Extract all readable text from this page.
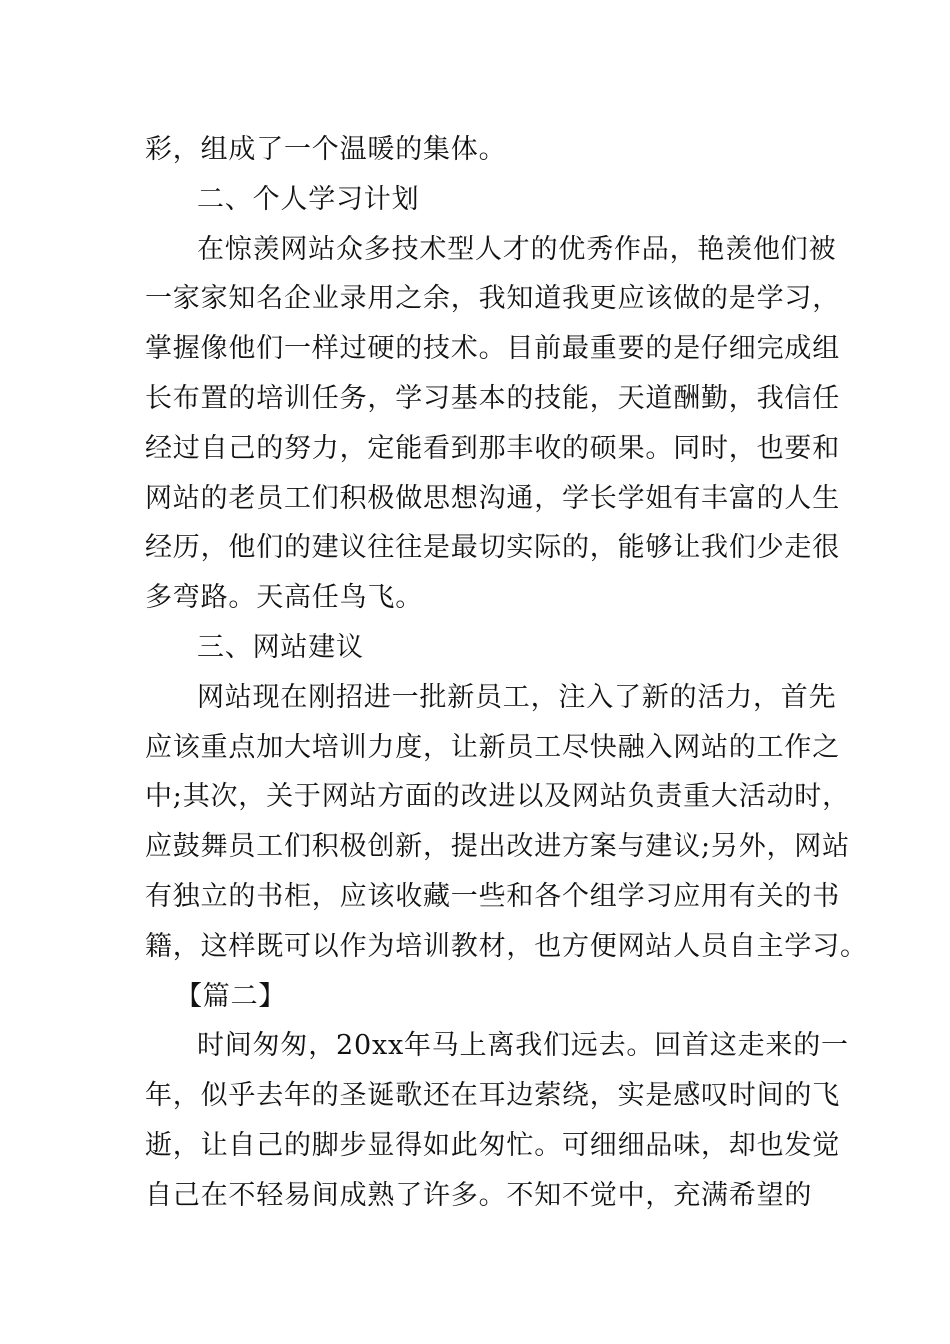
彩，组成了一个温暖的集体。
二、个人学习计划
在惊羡网站众多技术型人才的优秀作品，艳羡他们被
一家家知名企业录用之余，我知道我更应该做的是学习，
掌握像他们一样过硬的技术。目前最重要的是仔细完成组
长布置的培训任务，学习基本的技能，天道酬勤，我信任
经过自己的努力，定能看到那丰收的硕果。同时，也要和
网站的老员工们积极做思想沟通，学长学姐有丰富的人生
经历，他们的建议往往是最切实际的，能够让我们少走很
多弯路。天高任鸟飞。
三、网站建议
网站现在刚招进一批新员工，注入了新的活力，首先
应该重点加大培训力度，让新员工尽快融入网站的工作之
中;其次，关于网站方面的改进以及网站负责重大活动时，
应鼓舞员工们积极创新，提出改进方案与建议;另外，网站
有独立的书柜，应该收藏一些和各个组学习应用有关的书
籍，这样既可以作为培训教材，也方便网站人员自主学习。
【篇二】
时间匆匆，20xx年马上离我们远去。回首这走来的一
年，似乎去年的圣诞歌还在耳边萦绕，实是感叹时间的飞
逝，让自己的脚步显得如此匆忙。可细细品味，却也发觉
自己在不轻易间成熟了许多。不知不觉中，充满希望的
